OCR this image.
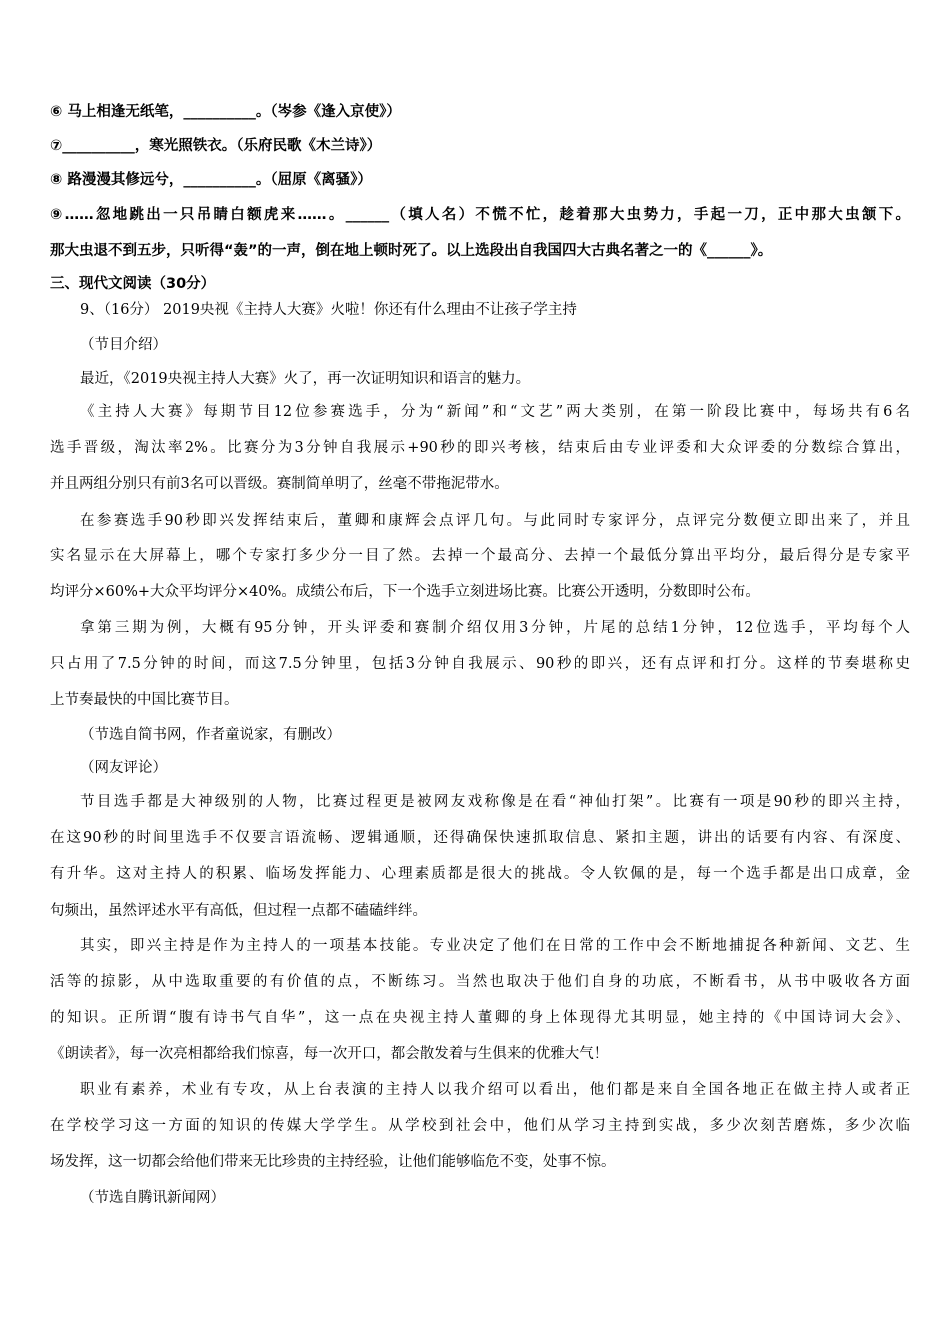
⑥ 马上相逢无纸笔，__________。（岑参《逢入京使》）
⑦__________，寒光照铁衣。（乐府民歌《木兰诗》）
⑧ 路漫漫其修远兮，__________。（屈原《离骚》）
⑨……忽地跳出一只吊睛白额虎来……。______（填人名）不慌不忙，趁着那大虫势力，手起一刀，正中那大虫颔下。
那大虫退不到五步，只听得“轰”的一声，倒在地上顿时死了。以上选段出自我国四大古典名著之一的《______》。
三、现代文阅读（30分）
9、（16分） 2019央视《主持人大赛》火啦！你还有什么理由不让孩子学主持
（节目介绍）
最近，《2019央视主持人大赛》火了，再一次证明知识和语言的魅力。
《主持人大赛》每期节目12位参赛选手，分为“新闻”和“文艺”两大类别，在第一阶段比赛中，每场共有6名
选手晋级，淘汰率2%。比赛分为3分钟自我展示+90秒的即兴考核，结束后由专业评委和大众评委的分数综合算出，
并且两组分别只有前3名可以晋级。赛制简单明了，丝毫不带拖泥带水。
在参赛选手90秒即兴发挥结束后，董卿和康辉会点评几句。与此同时专家评分，点评完分数便立即出来了，并且
实名显示在大屏幕上，哪个专家打多少分一目了然。去掉一个最高分、去掉一个最低分算出平均分，最后得分是专家平
均评分×60%+大众平均评分×40%。成绩公布后，下一个选手立刻进场比赛。比赛公开透明，分数即时公布。
拿第三期为例，大概有95分钟，开头评委和赛制介绍仅用3分钟，片尾的总结1分钟，12位选手，平均每个人
只占用了7.5分钟的时间，而这7.5分钟里，包括3分钟自我展示、90秒的即兴，还有点评和打分。这样的节奏堪称史
上节奏最快的中国比赛节目。
（节选自简书网，作者童说家，有删改）
（网友评论）
节目选手都是大神级别的人物，比赛过程更是被网友戏称像是在看“神仙打架”。比赛有一项是90秒的即兴主持，
在这90秒的时间里选手不仅要言语流畅、逻辑通顺，还得确保快速抓取信息、紧扣主题，讲出的话要有内容、有深度、
有升华。这对主持人的积累、临场发挥能力、心理素质都是很大的挑战。令人钦佩的是，每一个选手都是出口成章，金
句频出，虽然评述水平有高低，但过程一点都不磕磕绊绊。
其实，即兴主持是作为主持人的一项基本技能。专业决定了他们在日常的工作中会不断地捕捉各种新闻、文艺、生
活等的掠影，从中选取重要的有价值的点，不断练习。当然也取决于他们自身的功底，不断看书，从书中吸收各方面
的知识。正所谓“腹有诗书气自华”，这一点在央视主持人董卿的身上体现得尤其明显，她主持的《中国诗词大会》、
《朗读者》，每一次亮相都给我们惊喜，每一次开口，都会散发着与生俱来的优雅大气！
职业有素养，术业有专攻，从上台表演的主持人以我介绍可以看出，他们都是来自全国各地正在做主持人或者正
在学校学习这一方面的知识的传媒大学学生。从学校到社会中，他们从学习主持到实战，多少次刻苦磨炼，多少次临
场发挥，这一切都会给他们带来无比珍贵的主持经验，让他们能够临危不变，处事不惊。
（节选自腾讯新闻网）
